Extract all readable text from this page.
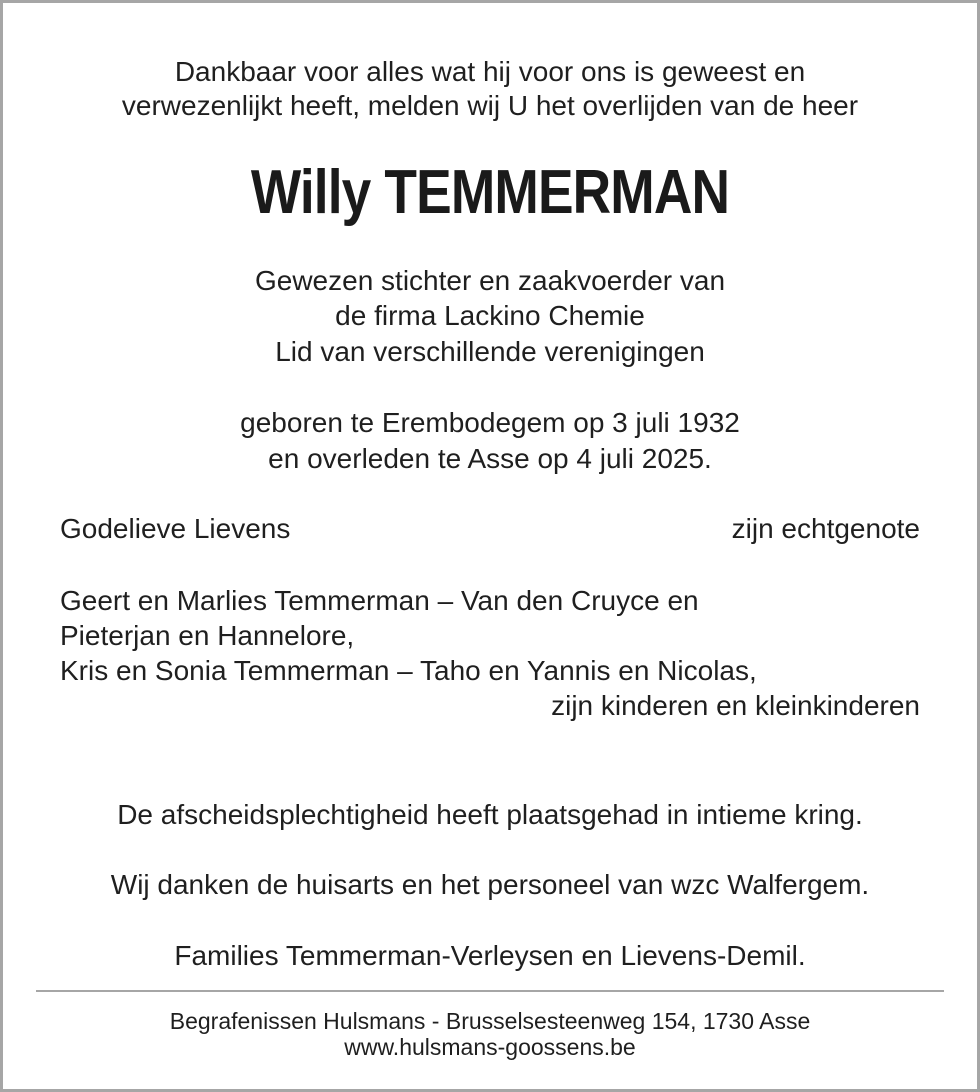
Dankbaar voor alles wat hij voor ons is geweest en
verwezenlijkt heeft, melden wij U het overlijden van de heer
Willy TEMMERMAN
Gewezen stichter en zaakvoerder van
de firma Lackino Chemie
Lid van verschillende verenigingen
geboren te Erembodegem op 3 juli 1932
en overleden te Asse op 4 juli 2025.
Godelieve Lievens	zijn echtgenote
Geert en Marlies Temmerman – Van den Cruyce en
Pieterjan en Hannelore,
Kris en Sonia Temmerman – Taho en Yannis en Nicolas,
zijn kinderen en kleinkinderen
De afscheidsplechtigheid heeft plaatsgehad in intieme kring.
Wij danken de huisarts en het personeel van wzc Walfergem.
Families Temmerman-Verleysen en Lievens-Demil.
Begrafenissen Hulsmans - Brusselsesteenweg 154, 1730 Asse
www.hulsmans-goossens.be
